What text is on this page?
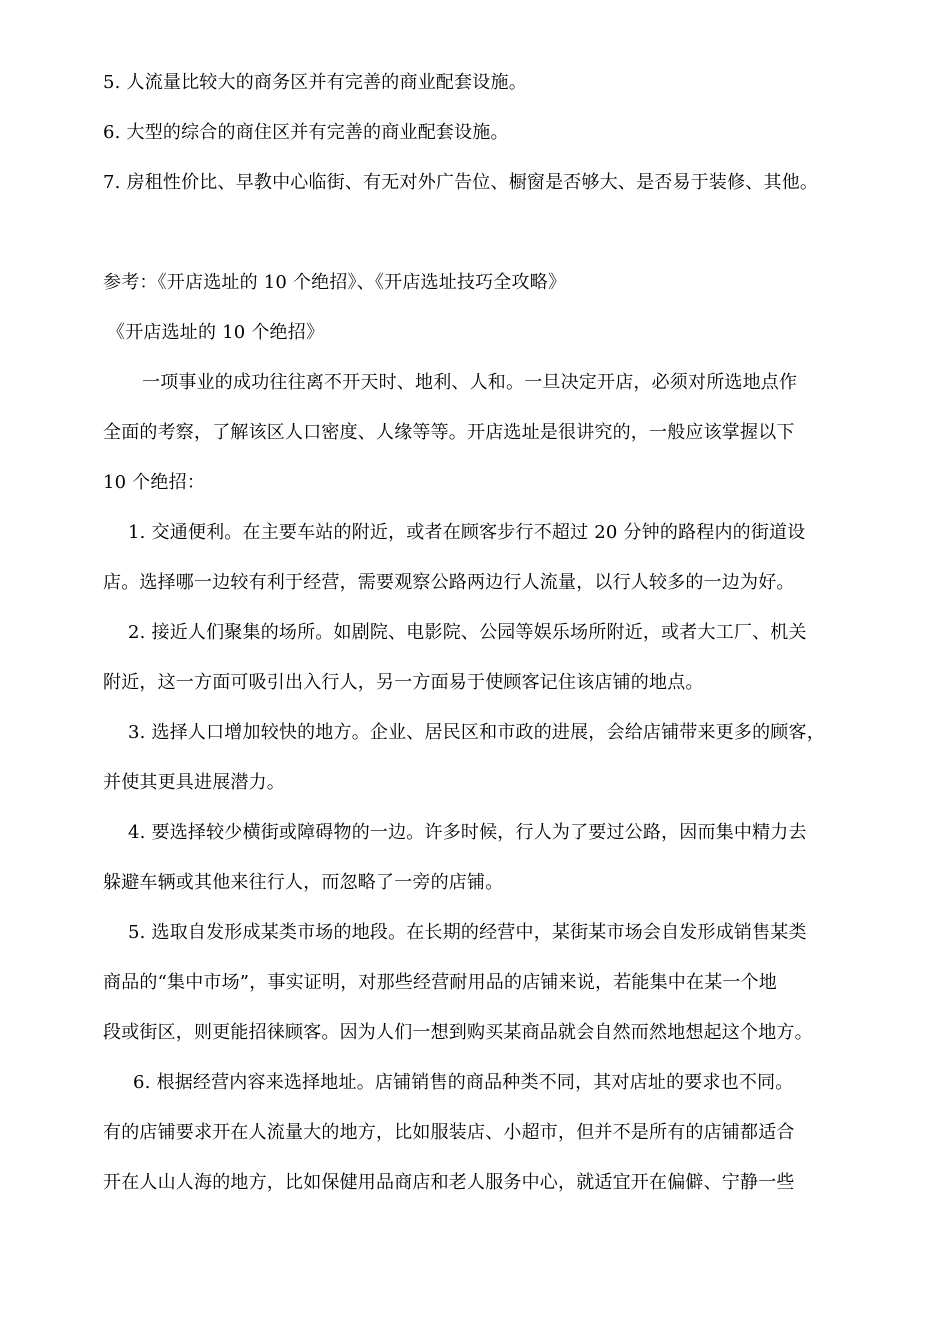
5. 人流量比较大的商务区并有完善的商业配套设施。
6. 大型的综合的商住区并有完善的商业配套设施。
7. 房租性价比、早教中心临街、有无对外广告位、橱窗是否够大、是否易于装修、其他。
参考：《开店选址的 10 个绝招》、《开店选址技巧全攻略》
《开店选址的 10 个绝招》
一项事业的成功往往离不开天时、地利、人和。一旦决定开店，必须对所选地点作
全面的考察，了解该区人口密度、人缘等等。开店选址是很讲究的，一般应该掌握以下
10 个绝招：
1. 交通便利。在主要车站的附近，或者在顾客步行不超过 20 分钟的路程内的街道设
店。选择哪一边较有利于经营，需要观察公路两边行人流量，以行人较多的一边为好。
2. 接近人们聚集的场所。如剧院、电影院、公园等娱乐场所附近，或者大工厂、机关
附近，这一方面可吸引出入行人，另一方面易于使顾客记住该店铺的地点。
3. 选择人口增加较快的地方。企业、居民区和市政的进展，会给店铺带来更多的顾客，
并使其更具进展潜力。
4. 要选择较少横街或障碍物的一边。许多时候，行人为了要过公路，因而集中精力去
躲避车辆或其他来往行人，而忽略了一旁的店铺。
5. 选取自发形成某类市场的地段。在长期的经营中，某街某市场会自发形成销售某类
商品的“集中市场”，事实证明，对那些经营耐用品的店铺来说，若能集中在某一个地
段或街区，则更能招徕顾客。因为人们一想到购买某商品就会自然而然地想起这个地方。
6. 根据经营内容来选择地址。店铺销售的商品种类不同，其对店址的要求也不同。
有的店铺要求开在人流量大的地方，比如服装店、小超市，但并不是所有的店铺都适合
开在人山人海的地方，比如保健用品商店和老人服务中心，就适宜开在偏僻、宁静一些
